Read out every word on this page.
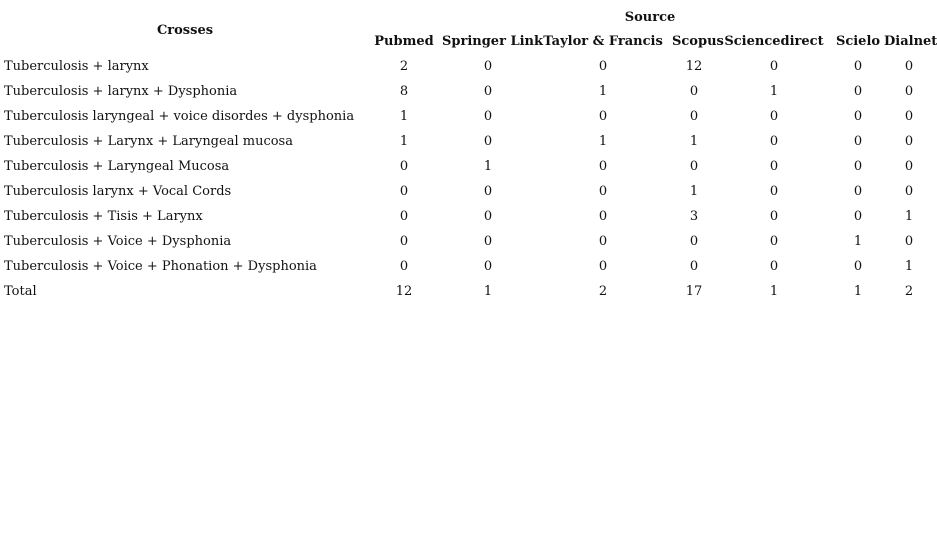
Crosses	Source						
	Pubmed	Springer Link	Taylor & Francis	Scopus	Sciencedirect	Scielo	Dialnet
Tuberculosis + larynx	2	0	0	12	0	0	0
Tuberculosis + larynx + Dysphonia	8	0	1	0	1	0	0
Tuberculosis laryngeal + voice disordes + dysphonia	1	0	0	0	0	0	0
Tuberculosis + Larynx + Laryngeal mucosa	1	0	1	1	0	0	0
Tuberculosis + Laryngeal Mucosa	0	1	0	0	0	0	0
Tuberculosis larynx + Vocal Cords	0	0	0	1	0	0	0
Tuberculosis + Tisis + Larynx	0	0	0	3	0	0	1
Tuberculosis + Voice + Dysphonia	0	0	0	0	0	1	0
Tuberculosis + Voice + Phonation + Dysphonia	0	0	0	0	0	0	1
Total	12	1	2	17	1	1	2
